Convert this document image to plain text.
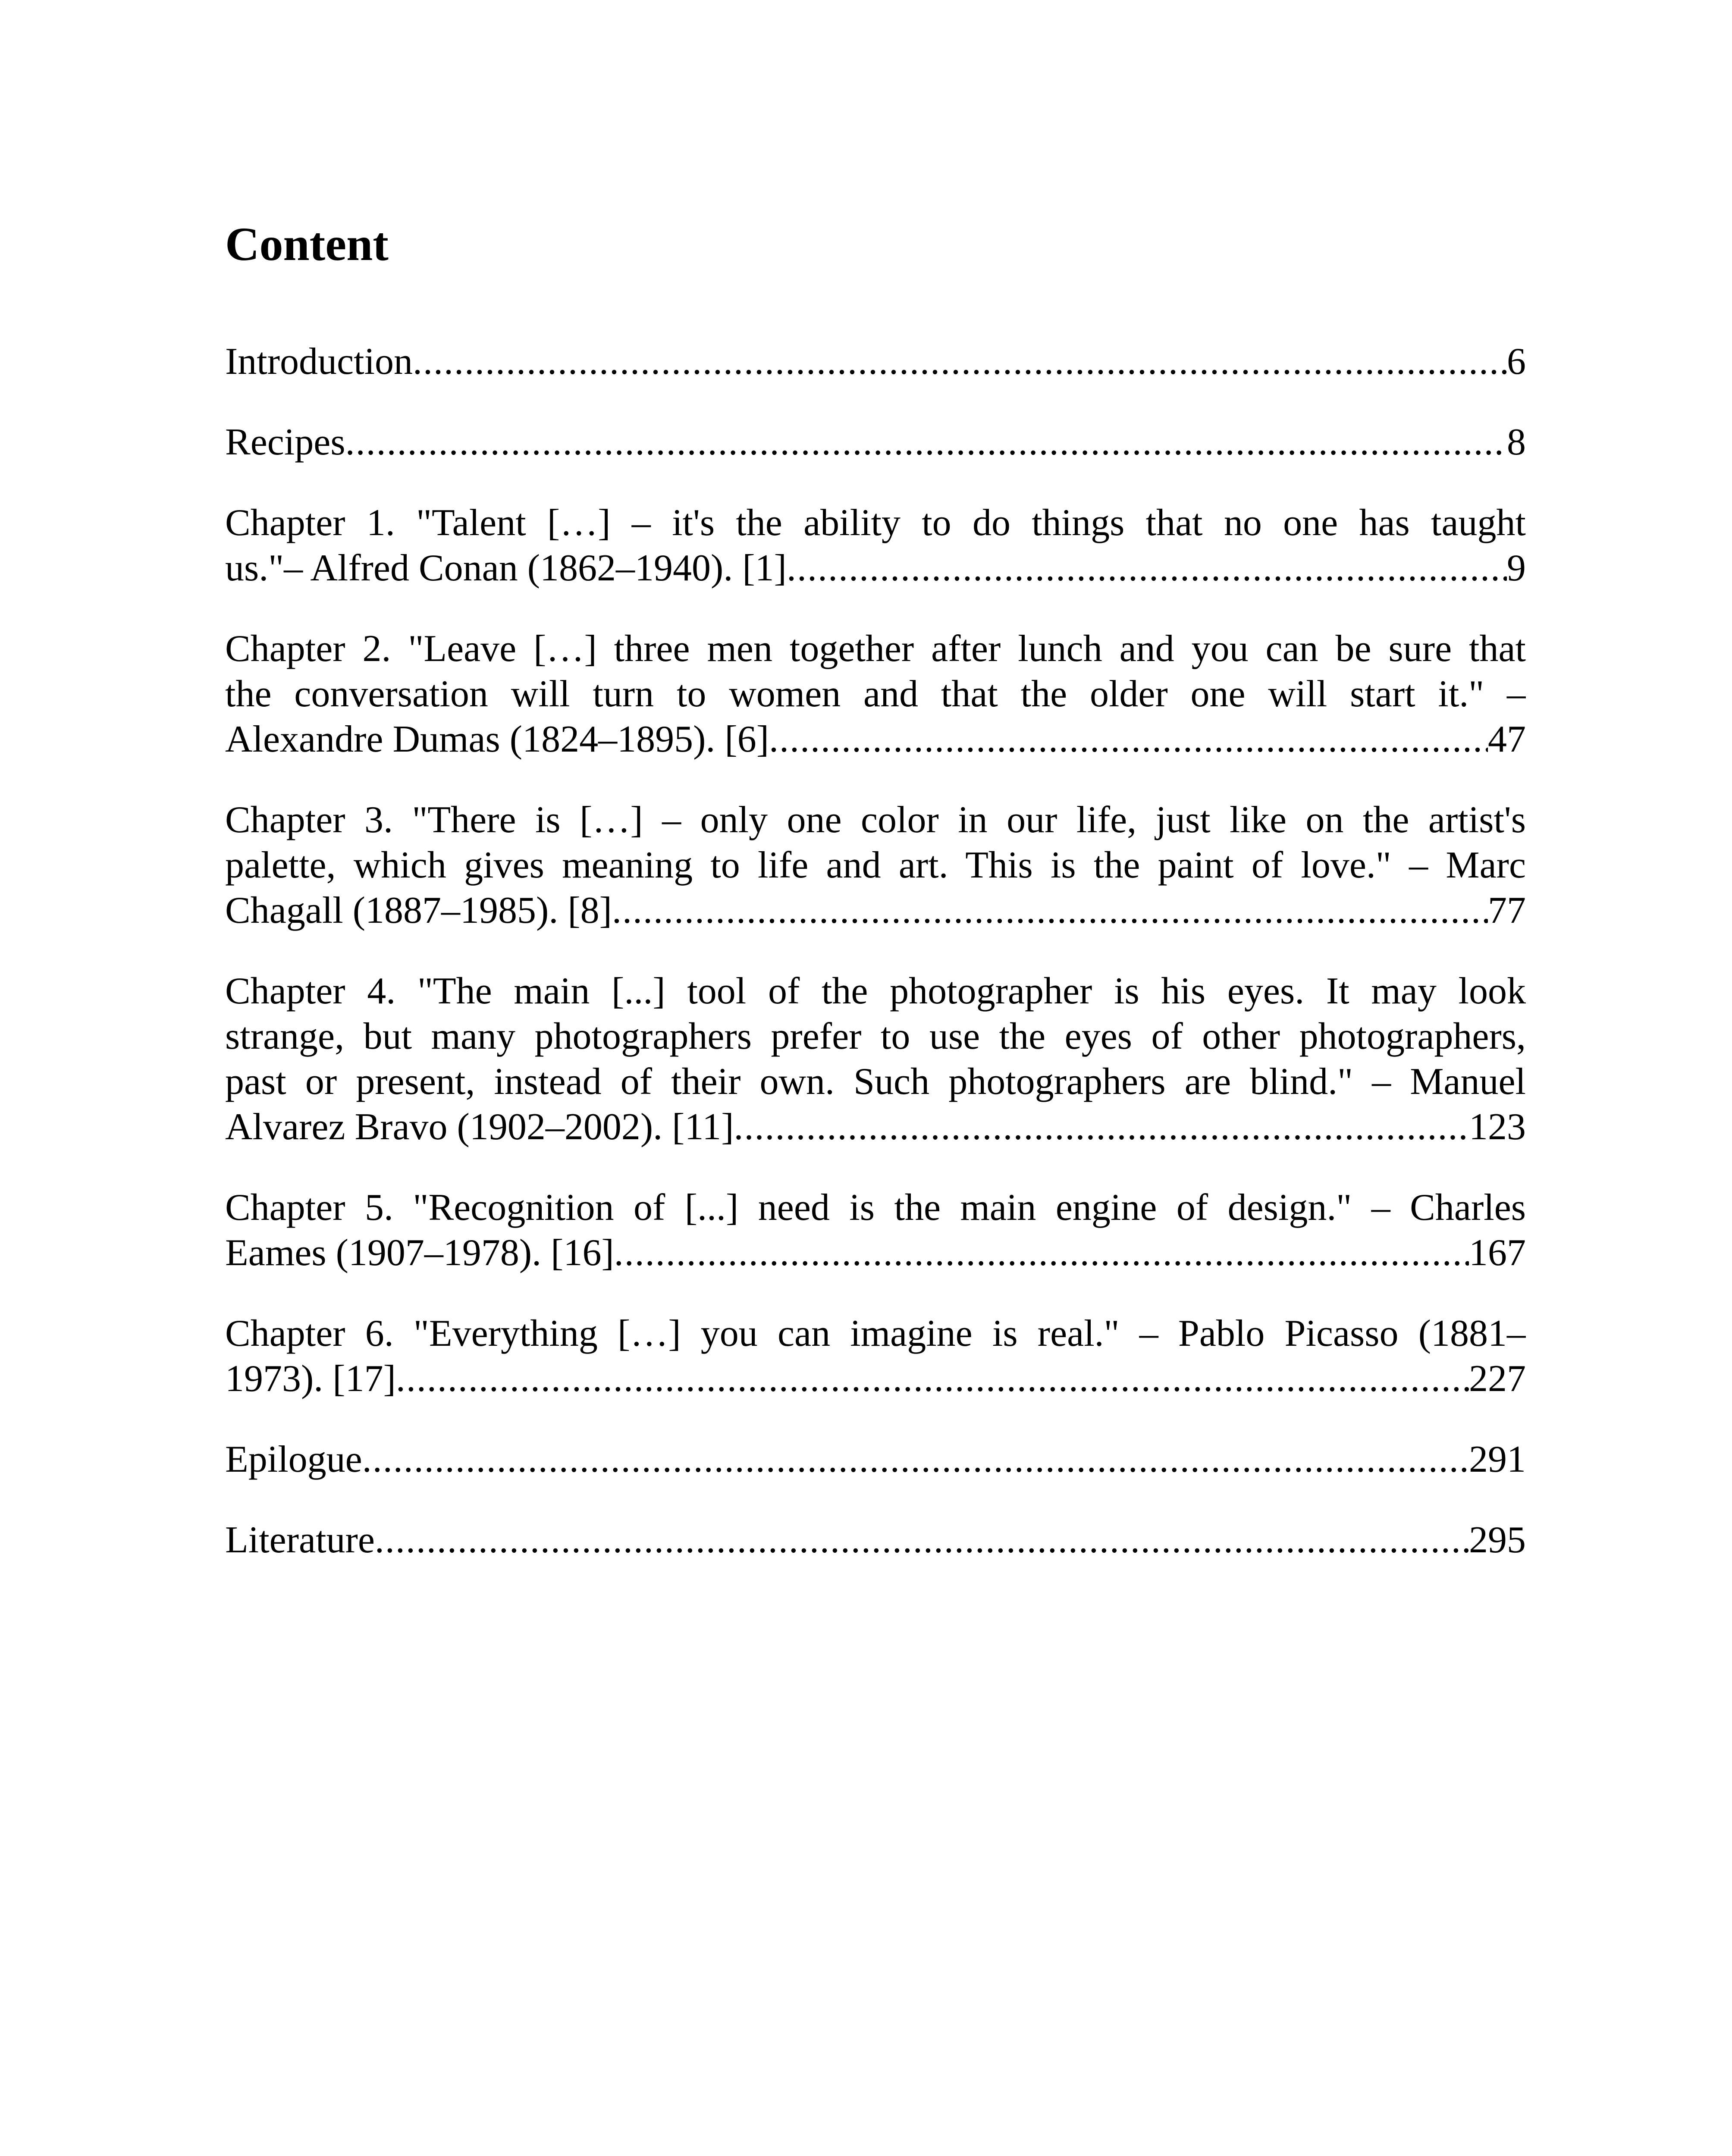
Content
Introduction .....	6
Recipes .....	8
Chapter 1. "Talent […] – it's the ability to do things that no one has taught
us."– Alfred Conan (1862–1940). [1] .....	9
Chapter 2. "Leave […] three men together after lunch and you can be sure that
the conversation will turn to women and that the older one will start it." –
Alexandre Dumas (1824–1895). [6] .....	47
Chapter 3. "There is […] – only one color in our life, just like on the artist's
palette, which gives meaning to life and art. This is the paint of love." – Marc
Chagall (1887–1985). [8] .....	77
Chapter 4. "The main [...] tool of the photographer is his eyes. It may look
strange, but many photographers prefer to use the eyes of other photographers,
past or present, instead of their own. Such photographers are blind." – Manuel
Alvarez Bravo (1902–2002). [11] .....	123
Chapter 5. "Recognition of [...] need is the main engine of design." – Charles
Eames (1907–1978). [16] .....	167
Chapter 6. "Everything […] you can imagine is real." – Pablo Picasso (1881–
1973). [17] .....	227
Epilogue .....	291
Literature .....	295
